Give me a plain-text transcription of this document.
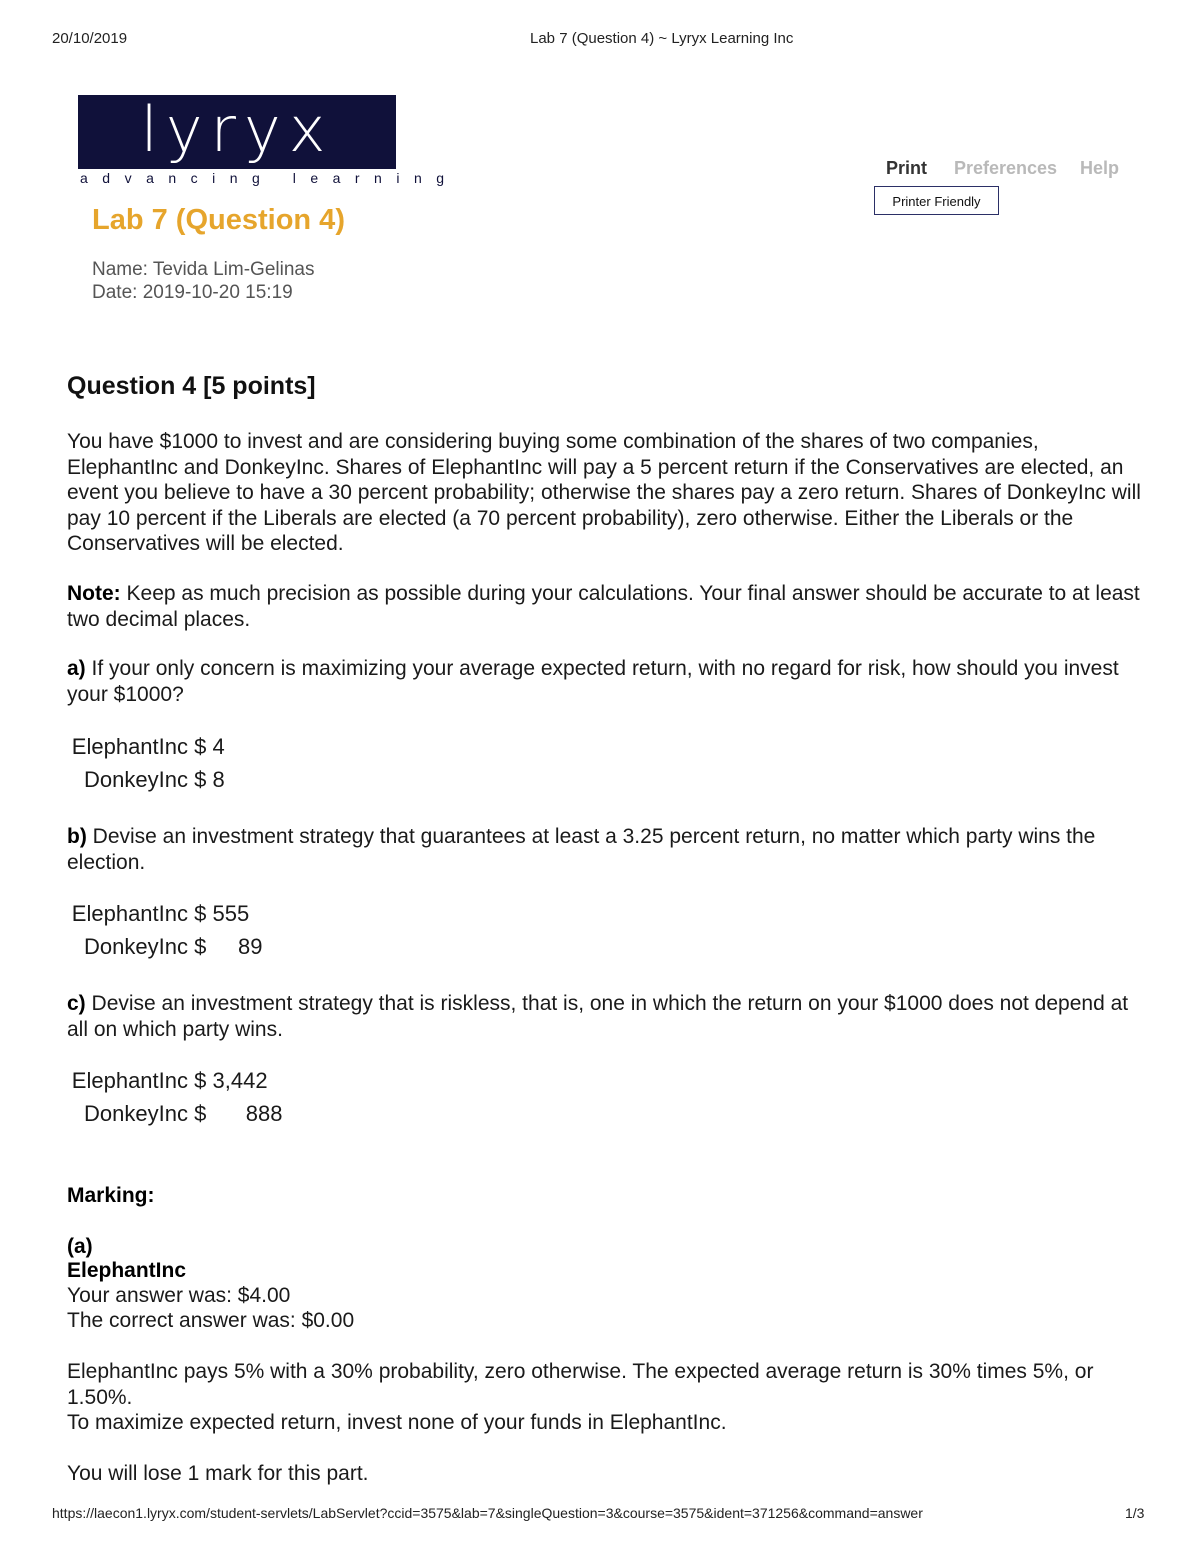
20/10/2019	Lab 7 (Question 4) ~ Lyryx Learning Inc
lyryx
advancing learning	Print Preferences Help
Printer Friendly
Lab 7 (Question 4)
Name: Tevida Lim-Gelinas
Date: 2019-10-20 15:19
Question 4 [5 points]
You have $1000 to invest and are considering buying some combination of the shares of two companies, ElephantInc and DonkeyInc. Shares of ElephantInc will pay a 5 percent return if the Conservatives are elected, an event you believe to have a 30 percent probability; otherwise the shares pay a zero return. Shares of DonkeyInc will pay 10 percent if the Liberals are elected (a 70 percent probability), zero otherwise. Either the Liberals or the Conservatives will be elected.
Note: Keep as much precision as possible during your calculations. Your final answer should be accurate to at least two decimal places.
a) If your only concern is maximizing your average expected return, with no regard for risk, how should you invest your $1000?
ElephantInc $ 4
DonkeyInc $ 8
b) Devise an investment strategy that guarantees at least a 3.25 percent return, no matter which party wins the election.
ElephantInc $ 555
DonkeyInc $ 89
c) Devise an investment strategy that is riskless, that is, one in which the return on your $1000 does not depend at all on which party wins.
ElephantInc $ 3,442
DonkeyInc $ 888
Marking:
(a)
ElephantInc
Your answer was: $4.00
The correct answer was: $0.00
ElephantInc pays 5% with a 30% probability, zero otherwise. The expected average return is 30% times 5%, or 1.50%.
To maximize expected return, invest none of your funds in ElephantInc.
You will lose 1 mark for this part.
https://laecon1.lyryx.com/student-servlets/LabServlet?ccid=3575&lab=7&singleQuestion=3&course=3575&ident=371256&command=answer	1/3
